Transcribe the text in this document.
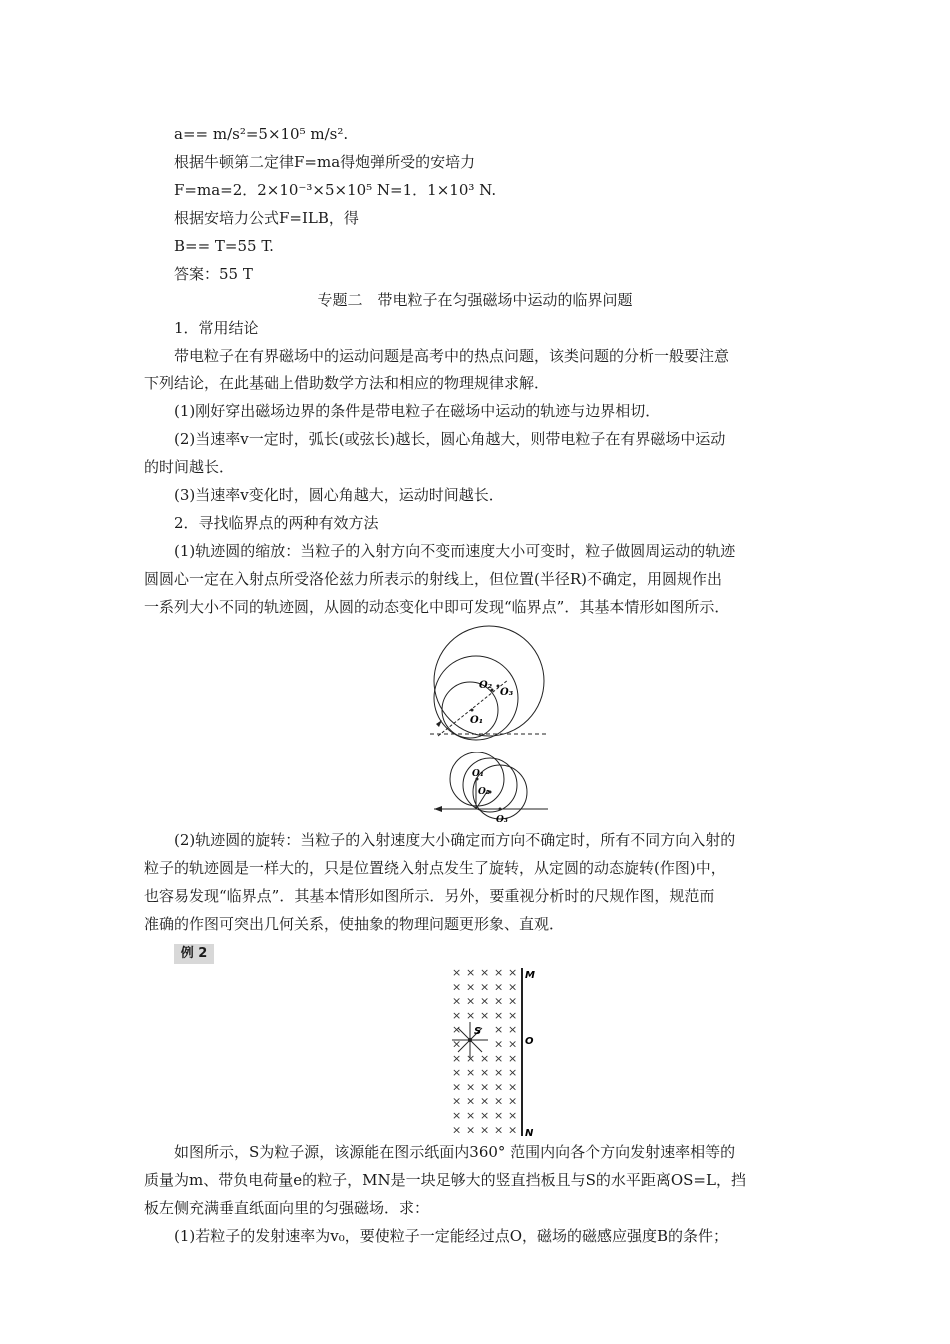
a== m/s²=5×10⁵ m/s².
根据牛顿第二定律F=ma得炮弹所受的安培力
F=ma=2．2×10⁻³×5×10⁵ N=1．1×10³ N.
根据安培力公式F=ILB，得
B== T=55 T.
答案：55 T
专题二　带电粒子在匀强磁场中运动的临界问题
1．常用结论
带电粒子在有界磁场中的运动问题是高考中的热点问题，该类问题的分析一般要注意
下列结论，在此基础上借助数学方法和相应的物理规律求解．
(1)刚好穿出磁场边界的条件是带电粒子在磁场中运动的轨迹与边界相切．
(2)当速率v一定时，弧长(或弦长)越长，圆心角越大，则带电粒子在有界磁场中运动
的时间越长．
(3)当速率v变化时，圆心角越大，运动时间越长．
2．寻找临界点的两种有效方法
(1)轨迹圆的缩放：当粒子的入射方向不变而速度大小可变时，粒子做圆周运动的轨迹
圆圆心一定在入射点所受洛伦兹力所表示的射线上，但位置(半径R)不确定，用圆规作出
一系列大小不同的轨迹圆，从圆的动态变化中即可发现“临界点”．其基本情形如图所示．
O₁
O₂
O₃
O₁
O₂
O₃
(2)轨迹圆的旋转：当粒子的入射速度大小确定而方向不确定时，所有不同方向入射的
粒子的轨迹圆是一样大的，只是位置绕入射点发生了旋转，从定圆的动态旋转(作图)中，
也容易发现“临界点”．其基本情形如图所示．另外，要重视分析时的尺规作图，规范而
准确的作图可突出几何关系，使抽象的物理问题更形象、直观．
例 2
× × × × ×
× × × × ×
× × × × ×
× × × × ×
×	× ×
×	× ×
× × × × ×
× × × × ×
× × × × ×
× × × × ×
× × × × ×
× × × × ×
S
M
O
N
如图所示，S为粒子源，该源能在图示纸面内360° 范围内向各个方向发射速率相等的
质量为m、带负电荷量e的粒子，MN是一块足够大的竖直挡板且与S的水平距离OS=L，挡
板左侧充满垂直纸面向里的匀强磁场．求：
(1)若粒子的发射速率为v₀，要使粒子一定能经过点O，磁场的磁感应强度B的条件；
